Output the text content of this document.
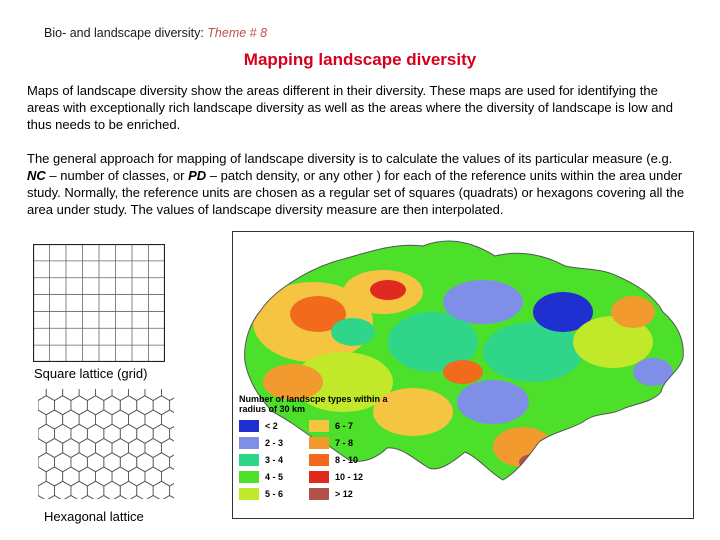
Bio- and landscape diversity: Theme # 8
Mapping landscape diversity

Maps of landscape diversity show the areas different in their diversity. These maps are used for identifying the areas with exceptionally rich landscape diversity as well as the areas where the diversity of landscape is low and thus needs to be enriched.

The general approach for mapping of landscape diversity is to calculate the values of its particular measure (e.g. NC – number of classes, or PD – patch density, or any other ) for each of the reference units within the area under study. Normally, the reference units are chosen as a regular set of squares (quadrats) or hexagons covering all the area under study. The values of landscape diversity measure are then interpolated.

Square lattice (grid)
Hexagonal lattice
Number of landscpe types within a radius of 30 km
< 2	6 - 7
2 - 3	7 - 8
3 - 4	8 - 10
4 - 5	10 - 12
5 - 6	> 12
